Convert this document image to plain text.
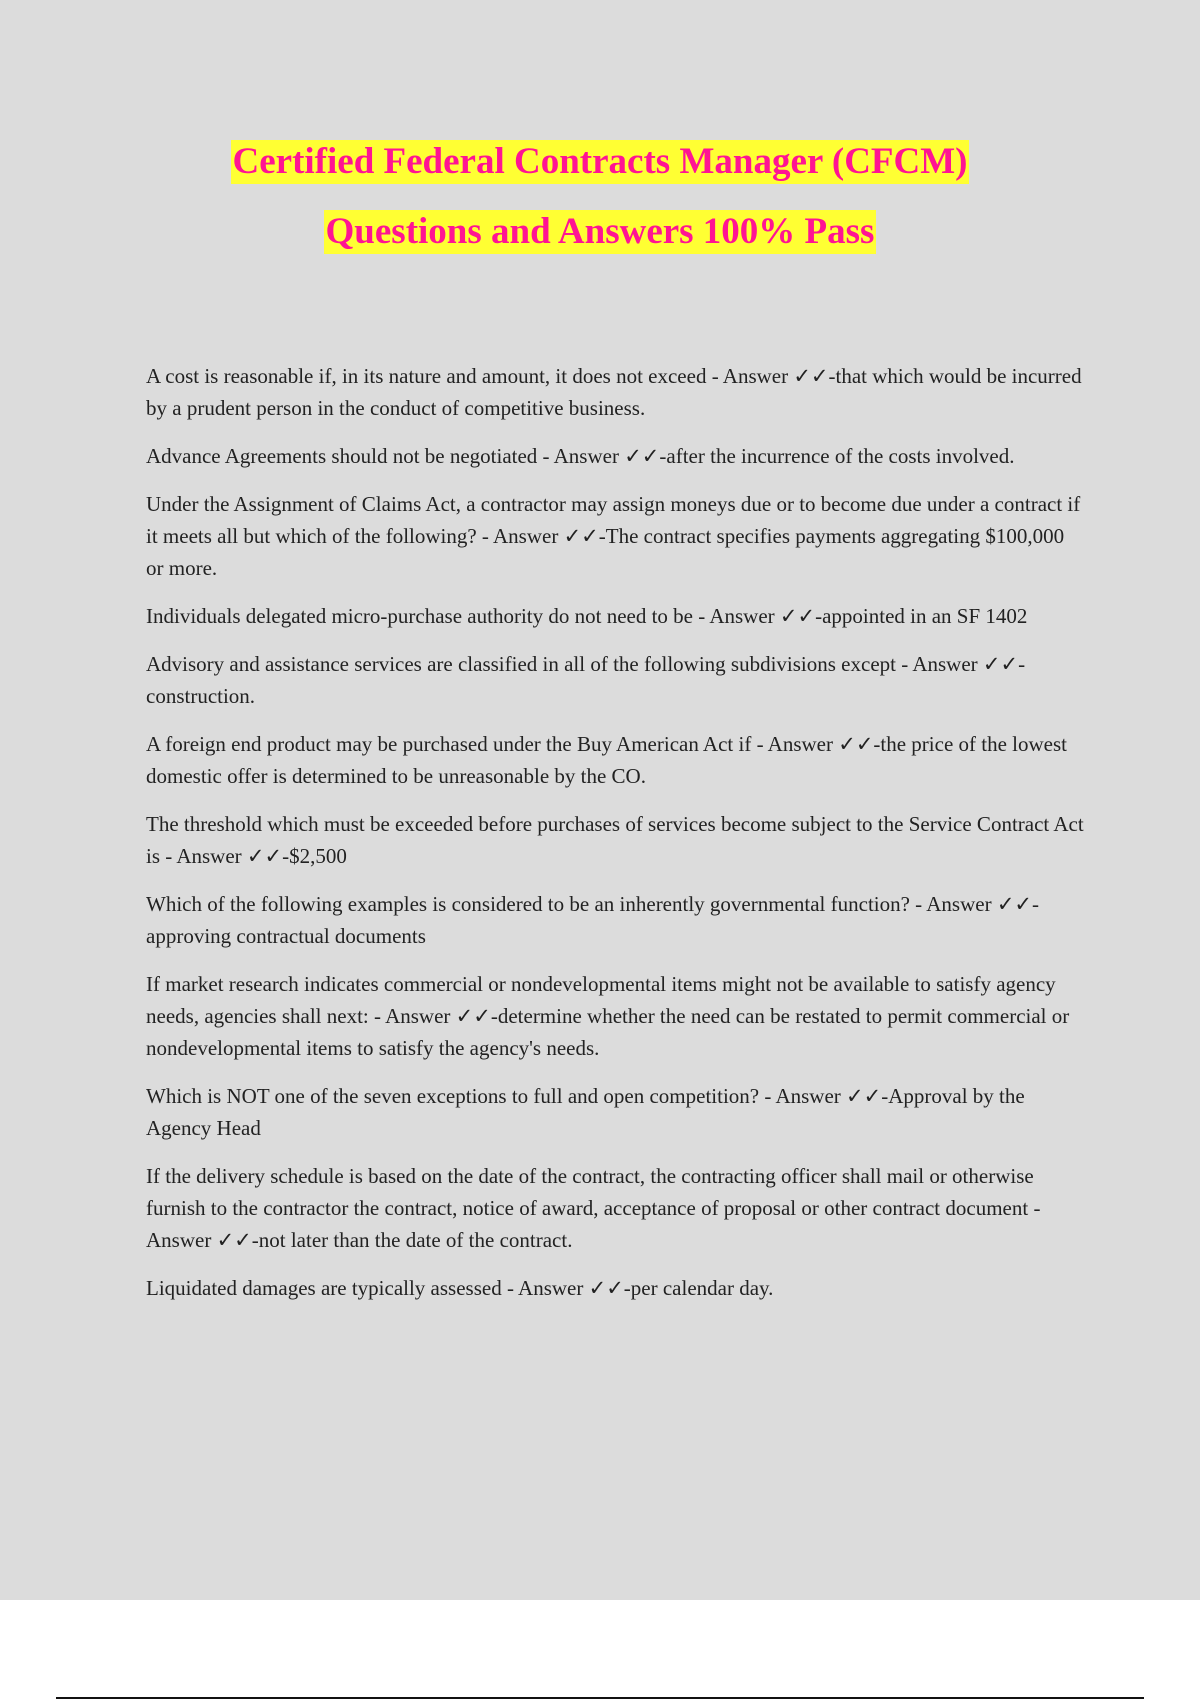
Certified Federal Contracts Manager (CFCM)
Questions and Answers 100% Pass

A cost is reasonable if, in its nature and amount, it does not exceed - Answer ✓✓-that which would be incurred by a prudent person in the conduct of competitive business.

Advance Agreements should not be negotiated - Answer ✓✓-after the incurrence of the costs involved.

Under the Assignment of Claims Act, a contractor may assign moneys due or to become due under a contract if it meets all but which of the following? - Answer ✓✓-The contract specifies payments aggregating $100,000 or more.

Individuals delegated micro-purchase authority do not need to be - Answer ✓✓-appointed in an SF 1402

Advisory and assistance services are classified in all of the following subdivisions except - Answer ✓✓-construction.

A foreign end product may be purchased under the Buy American Act if - Answer ✓✓-the price of the lowest domestic offer is determined to be unreasonable by the CO.

The threshold which must be exceeded before purchases of services become subject to the Service Contract Act is - Answer ✓✓-$2,500

Which of the following examples is considered to be an inherently governmental function? - Answer ✓✓-approving contractual documents

If market research indicates commercial or nondevelopmental items might not be available to satisfy agency needs, agencies shall next: - Answer ✓✓-determine whether the need can be restated to permit commercial or nondevelopmental items to satisfy the agency's needs.

Which is NOT one of the seven exceptions to full and open competition? - Answer ✓✓-Approval by the Agency Head

If the delivery schedule is based on the date of the contract, the contracting officer shall mail or otherwise furnish to the contractor the contract, notice of award, acceptance of proposal or other contract document - Answer ✓✓-not later than the date of the contract.

Liquidated damages are typically assessed - Answer ✓✓-per calendar day.
